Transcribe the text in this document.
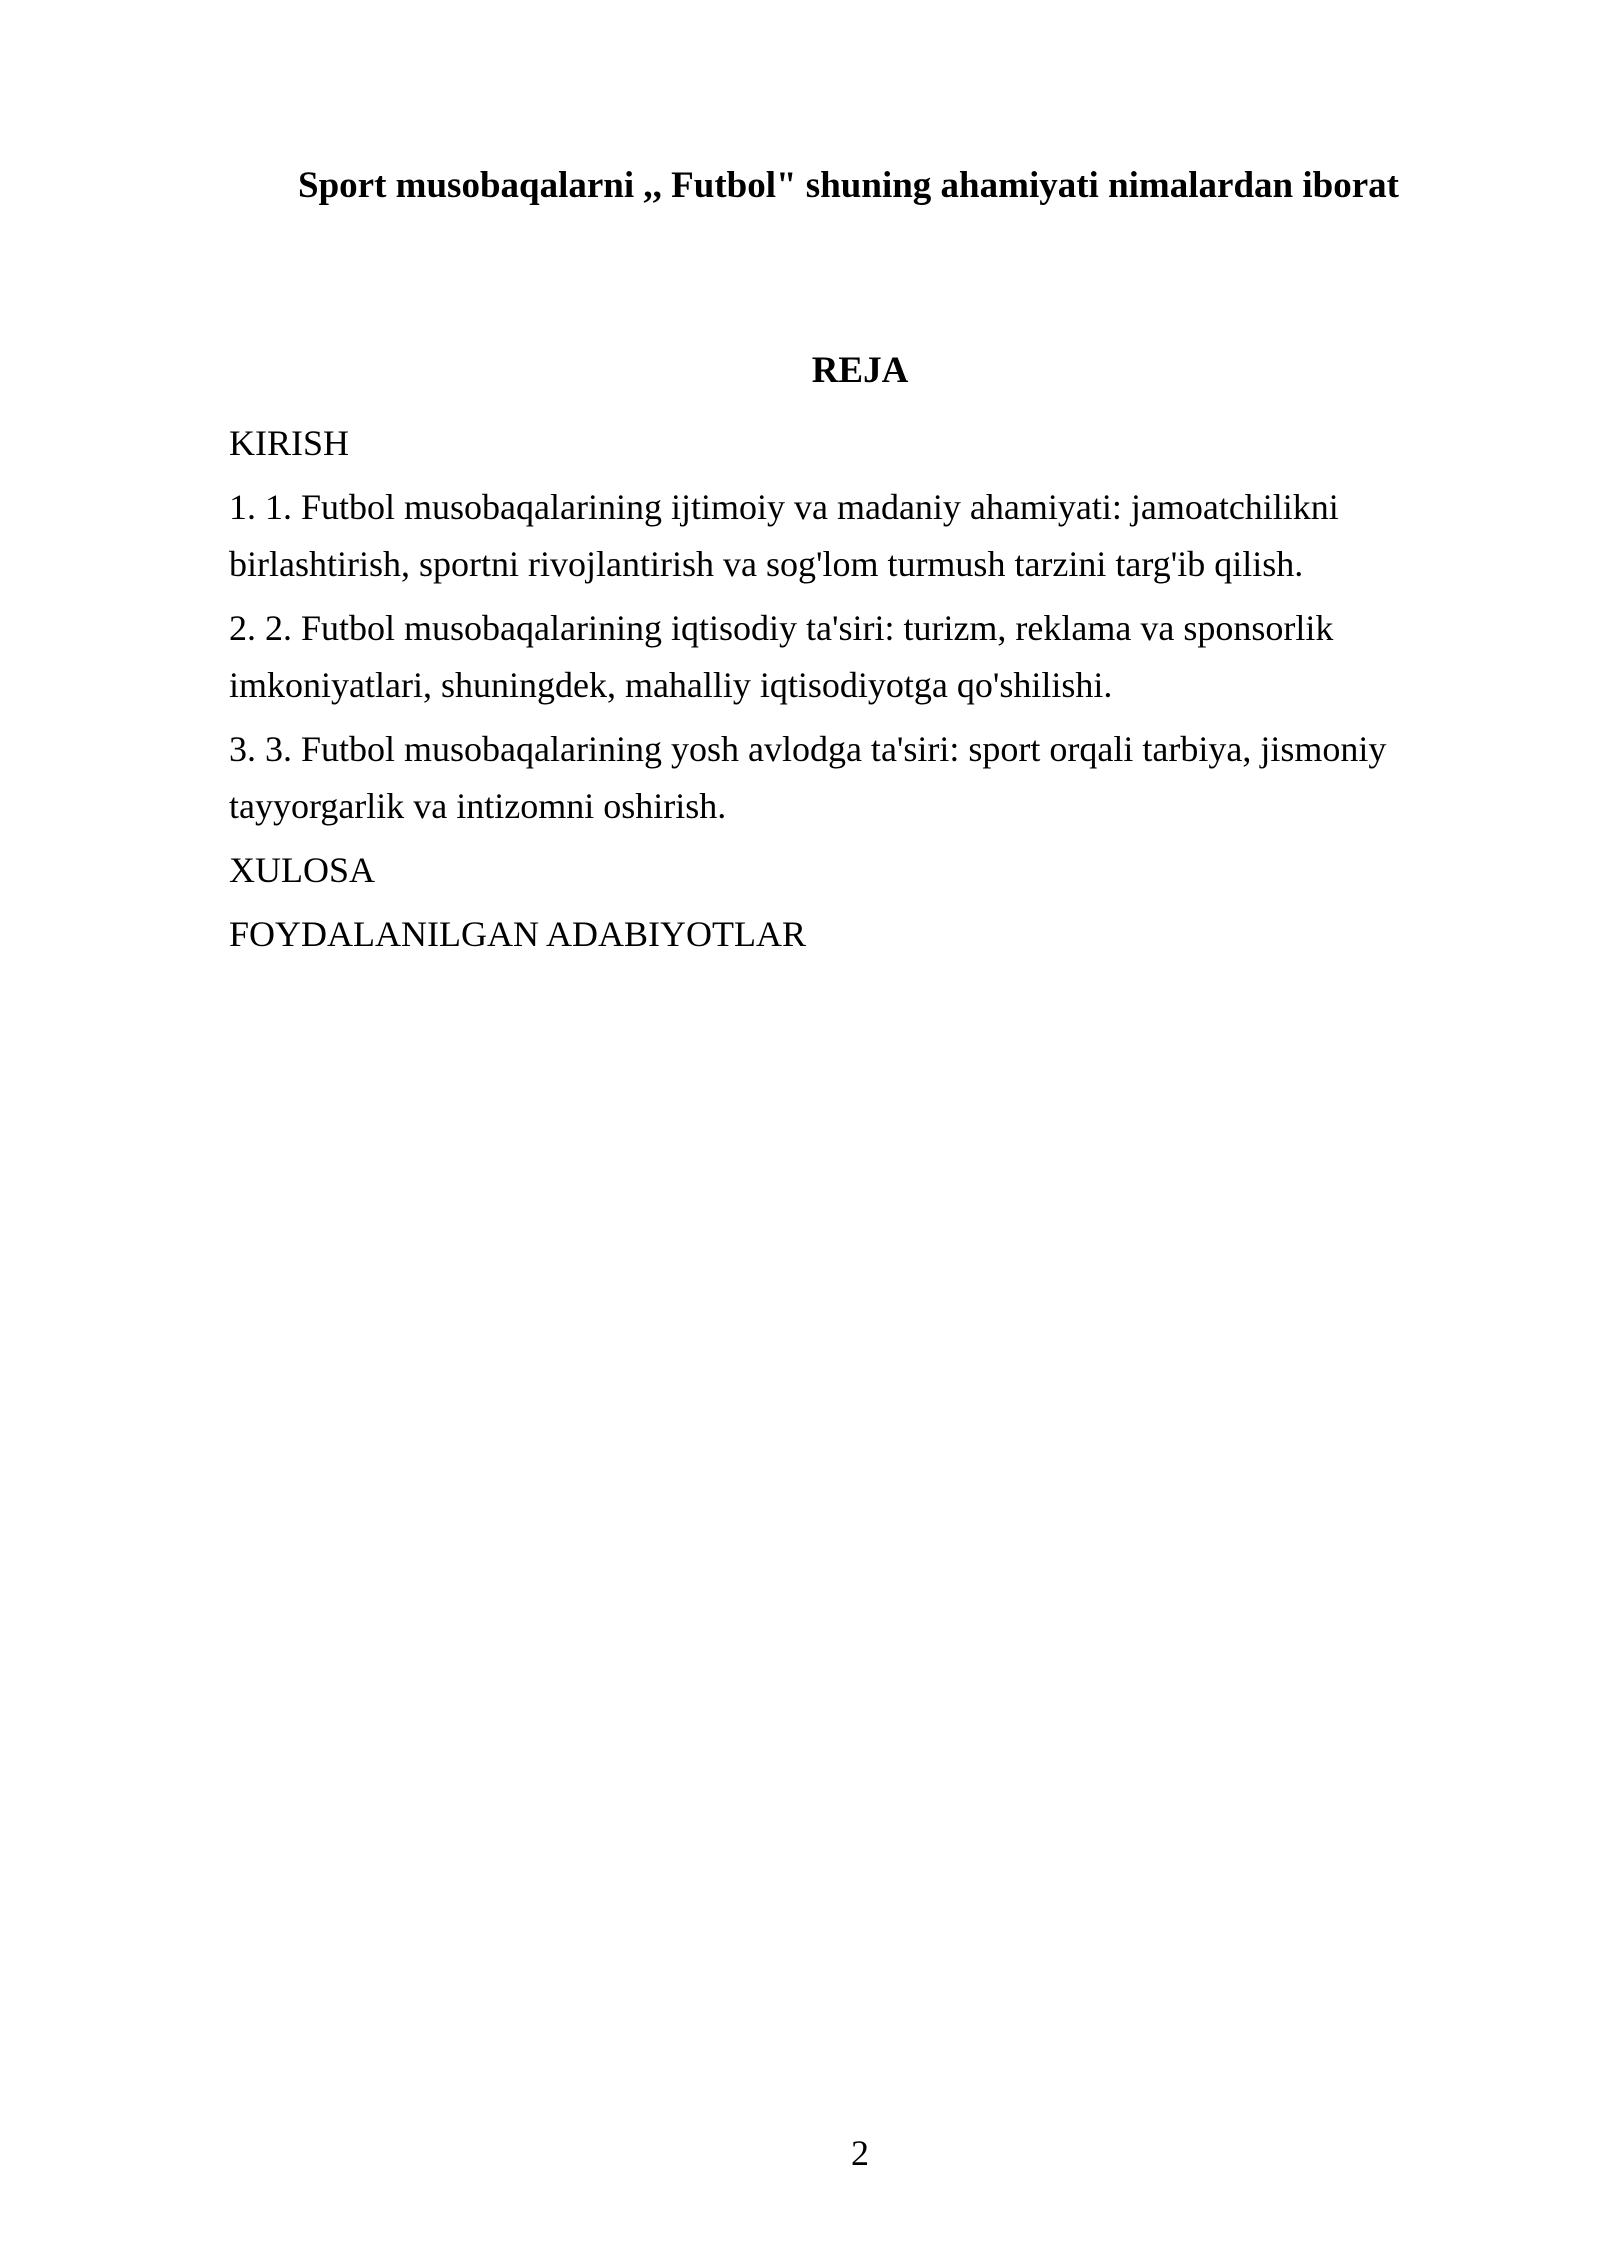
Sport musobaqalarni ,, Futbol" shuning ahamiyati nimalardan iborat
REJA
KIRISH
1. 1. Futbol musobaqalarining ijtimoiy va madaniy ahamiyati: jamoatchilikni birlashtirish, sportni rivojlantirish va sog'lom turmush tarzini targ'ib qilish.
2. 2. Futbol musobaqalarining iqtisodiy ta'siri: turizm, reklama va sponsorlik imkoniyatlari, shuningdek, mahalliy iqtisodiyotga qo'shilishi.
3. 3. Futbol musobaqalarining yosh avlodga ta'siri: sport orqali tarbiya, jismoniy tayyorgarlik va intizomni oshirish.
XULOSA
FOYDALANILGAN ADABIYOTLAR
2
